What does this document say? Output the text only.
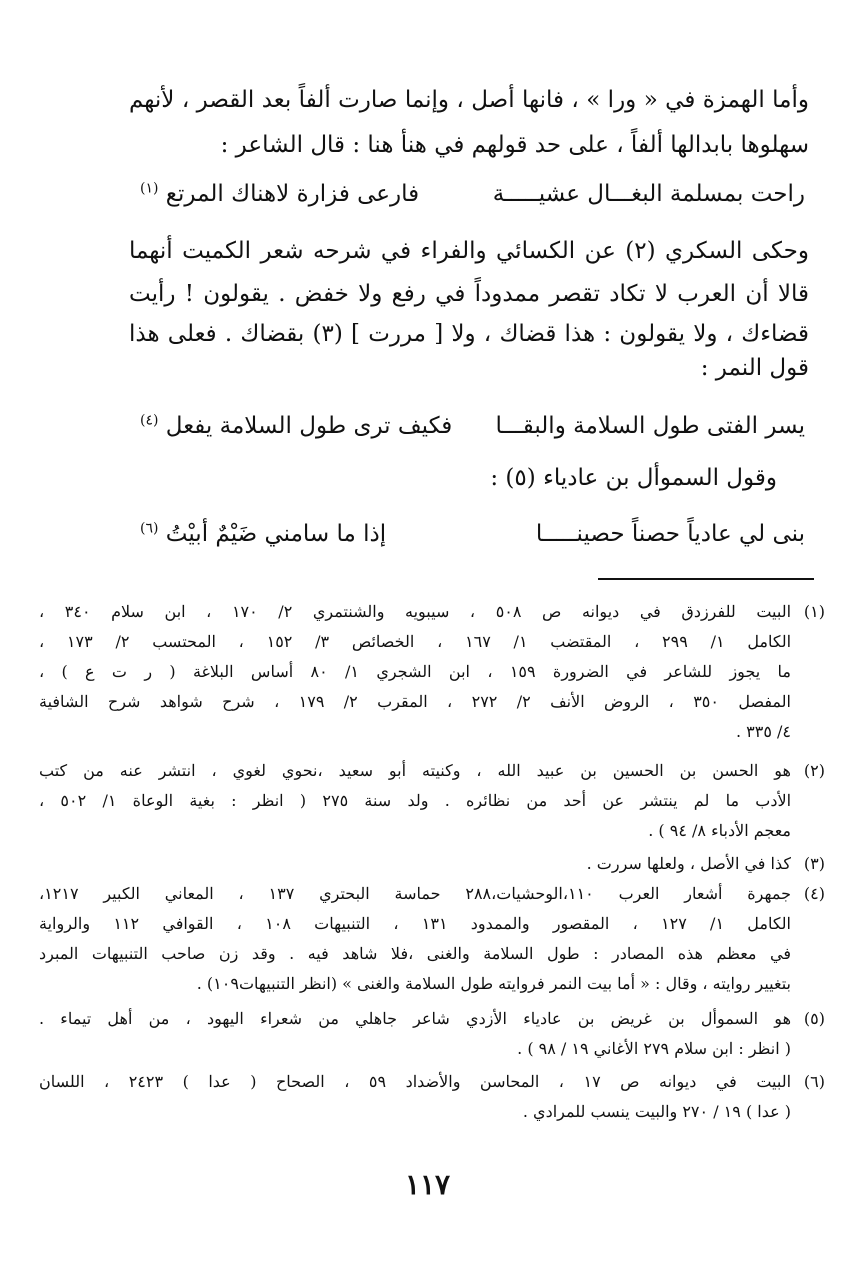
وأما الهمزة في « ورا » ، فانها أصل ، وإنما صارت ألفاً بعد القصر ، لأنهم
سهلوها بابدالها ألفاً ، على حد قولهم في هنأ هنا : قال الشاعر :
راحت بمسلمة البغـــال عشيـــــة
فارعى فزارة لاهناك المرتع $^{(١)}$
وحكى السكري (٢) عن الكسائي والفراء في شرحه شعر الكميت أنهما
قالا أن العرب لا تكاد تقصر ممدوداً في رفع ولا خفض . يقولون ! رأيت
قضاءك ، ولا يقولون : هذا قضاك ، ولا [ مررت ] (٣) بقضاك . فعلى هذا
قول النمر :
يسر الفتى طول السلامة والبقـــا
فكيف ترى طول السلامة يفعل $^{(٤)}$
وقول السموأل بن عادياء (٥) :
بنى لي عادياً حصناً حصينـــــا
إذا ما سامني ضَيْمٌ أبيْتُ $^{(٦)}$
(١)
البيت للفرزدق في ديوانه ص ٥٠٨ ، سيبويه والشنتمري ٢/ ١٧٠ ، ابن سلام ٣٤٠ ،
الكامل ١/ ٢٩٩ ، المقتضب ١/ ١٦٧ ، الخصائص ٣/ ١٥٢ ، المحتسب ٢/ ١٧٣ ،
ما يجوز للشاعر في الضرورة ١٥٩ ، ابن الشجري ١/ ٨٠ أساس البلاغة ( ر ت ع ) ،
المفصل ٣٥٠ ، الروض الأنف ٢/ ٢٧٢ ، المقرب ٢/ ١٧٩ ، شرح شواهد شرح الشافية
٤/ ٣٣٥ .
(٢)
هو الحسن بن الحسين بن عبيد الله ، وكنيته أبو سعيد ،نحوي لغوي ، انتشر عنه من كتب
الأدب ما لم ينتشر عن أحد من نظائره . ولد سنة ٢٧٥ ( انظر : بغية الوعاة ١/ ٥٠٢ ،
معجم الأدباء ٨/ ٩٤ ) .
(٣)
كذا في الأصل ، ولعلها سررت .
(٤)
جمهرة أشعار العرب ١١٠،الوحشيات،٢٨٨ حماسة البحتري ١٣٧ ، المعاني الكبير ١٢١٧،
الكامل ١/ ١٢٧ ، المقصور والممدود ١٣١ ، التنبيهات ١٠٨ ، القوافي ١١٢ والرواية
في معظم هذه المصادر : طول السلامة والغنى ،فلا شاهد فيه . وقد زن صاحب التنبيهات المبرد
بتغيير روايته ، وقال : « أما بيت النمر فروايته طول السلامة والغنى » (انظر التنبيهات١٠٩) .
(٥)
هو السموأل بن غريض بن عادياء الأزدي شاعر جاهلي من شعراء اليهود ، من أهل تيماء .
( انظر : ابن سلام ٢٧٩ الأغاني ١٩ / ٩٨ ) .
(٦)
البيت في ديوانه ص ١٧ ، المحاسن والأضداد ٥٩ ، الصحاح ( عدا ) ٢٤٢٣ ، اللسان
( عدا ) ١٩ / ٢٧٠ والبيت ينسب للمرادي .
١١٧
